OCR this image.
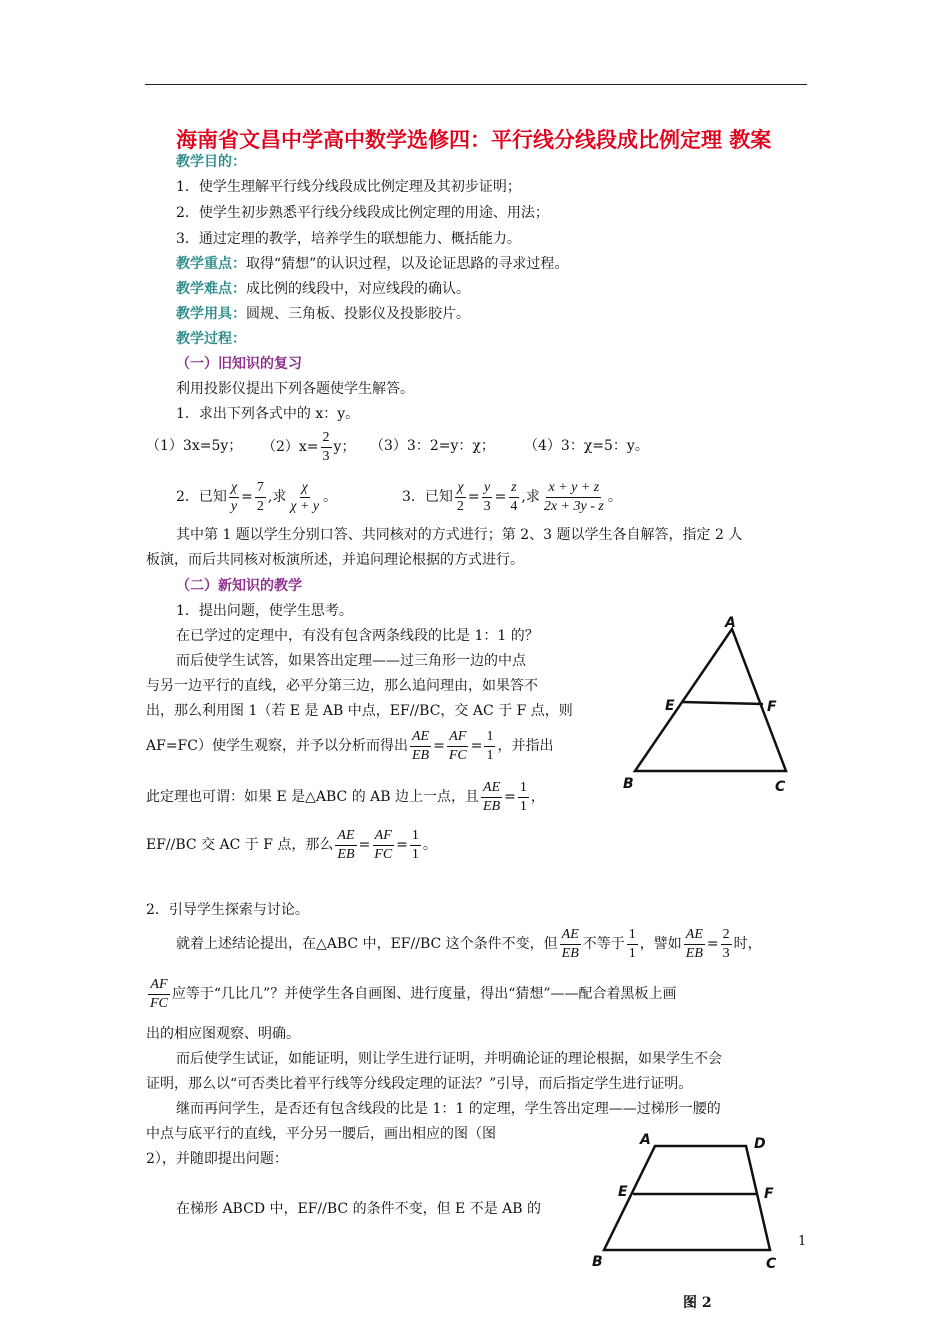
海南省文昌中学高中数学选修四：平行线分线段成比例定理 教案
教学目的：
1．使学生理解平行线分线段成比例定理及其初步证明；
2．使学生初步熟悉平行线分线段成比例定理的用途、用法；
3．通过定理的教学，培养学生的联想能力、概括能力。
教学重点：取得“猜想”的认识过程，以及论证思路的寻求过程。
教学难点：成比例的线段中，对应线段的确认。
教学用具：圆规、三角板、投影仪及投影胶片。
教学过程：
（一）旧知识的复习
利用投影仪提出下列各题使学生解答。
1．求出下列各式中的 x：y。
（1）3x=5y； $(2)x= \frac{2}{3}$ y； （3）3：2=y：χ； （4）3：χ=5：y。
2．已知 $\frac{\chi}{y} = \frac{7}{2}$ ,求 $\frac{\chi}{\chi + y}$ 。	3．已知 $\frac{\chi}{2} = \frac{y}{3} = \frac{z}{4}$ ,求 $\frac{x + y + z}{2x + 3y - z}$ 。
其中第 1 题以学生分别口答、共同核对的方式进行；第 2、3 题以学生各自解答，指定 2 人
板演，而后共同核对板演所述，并追问理论根据的方式进行。
（二）新知识的教学
1．提出问题，使学生思考。
在已学过的定理中，有没有包含两条线段的比是 1：1 的？
而后使学生试答，如果答出定理——过三角形一边的中点
与另一边平行的直线，必平分第三边，那么追问理由，如果答不
出，那么利用图 1（若 E 是 AB 中点，EF//BC，交 AC 于 F 点，则
AF=FC）使学生观察，并予以分析而得出 $\frac{AE}{EB} = \frac{AF}{FC} = \frac{1}{1}$ ，并指出
此定理也可谓：如果 E 是△ABC 的 AB 边上一点，且 $\frac{AE}{EB} = \frac{1}{1}$ ，
EF//BC 交 AC 于 F 点，那么 $\frac{AE}{EB} = \frac{AF}{FC} = \frac{1}{1}$ 。
A
E	F
B	C
2．引导学生探索与讨论。
就着上述结论提出，在△ABC 中，EF//BC 这个条件不变，但 $\frac{AE}{EB}$ 不等于 $\frac{1}{1}$ ，譬如 $\frac{AE}{EB} = \frac{2}{3}$ 时，
$\frac{AF}{FC}$ 应等于“几比几”？并使学生各自画图、进行度量，得出“猜想”——配合着黑板上画
出的相应图观察、明确。
而后使学生试证，如能证明，则让学生进行证明，并明确论证的理论根据，如果学生不会
证明，那么以“可否类比着平行线等分线段定理的证法？”引导，而后指定学生进行证明。
继而再问学生，是否还有包含线段的比是 1：1 的定理，学生答出定理——过梯形一腰的
中点与底平行的直线，平分另一腰后，画出相应的图（图
2），并随即提出问题：
在梯形 ABCD 中，EF//BC 的条件不变，但 E 不是 AB 的
A	D
E	F
B	C
1
图 2
